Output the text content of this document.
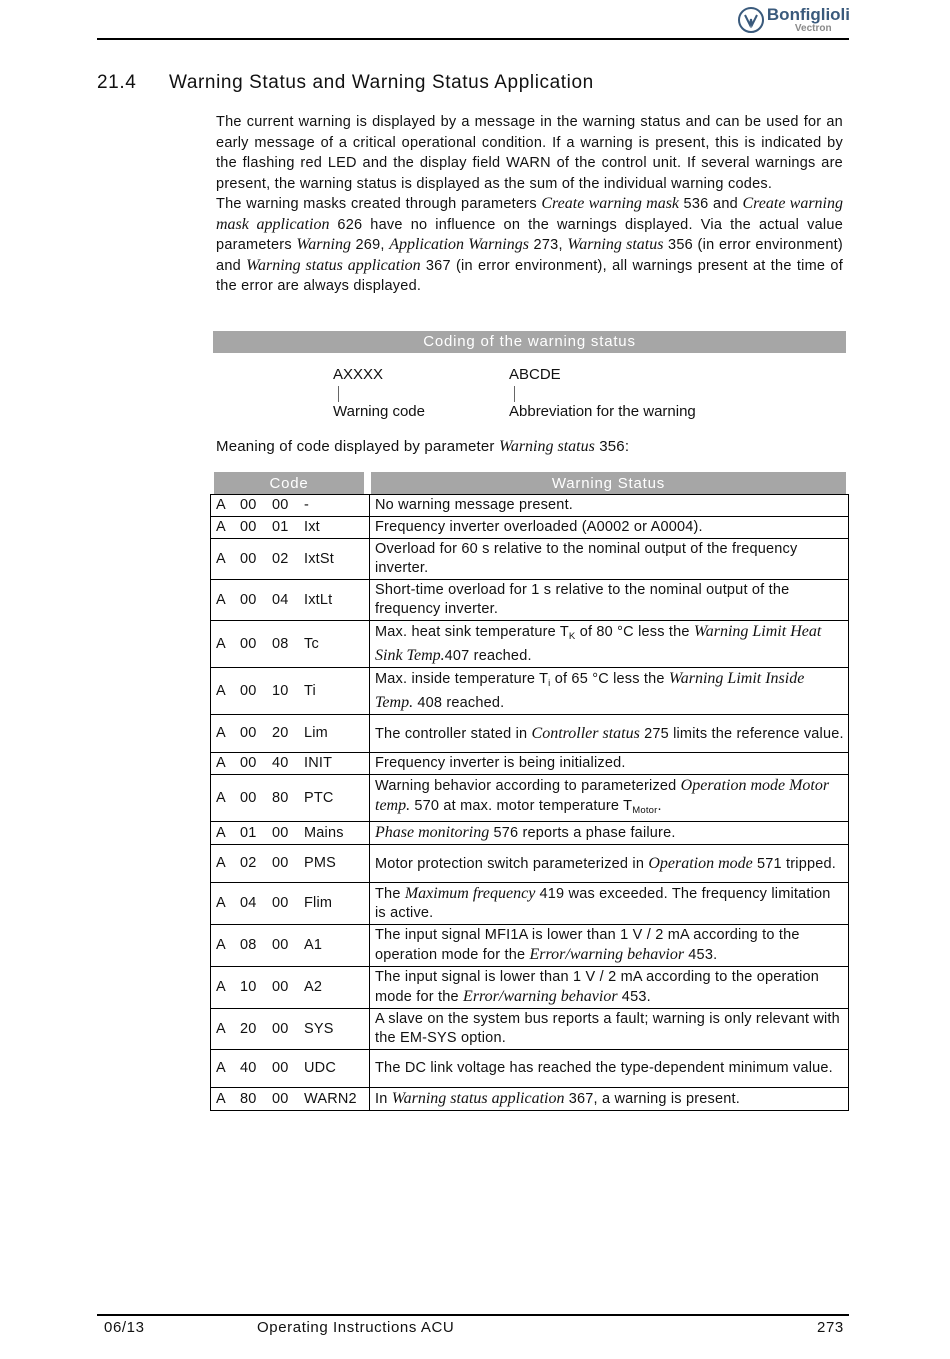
Bonfiglioli
Vectron
21.4 Warning Status and Warning Status Application

The current warning is displayed by a message in the warning status and can be used for an early message of a critical operational condition. If a warning is present, this is indicated by the flashing red LED and the display field WARN of the control unit. If several warnings are present, the warning status is displayed as the sum of the individual warning codes.

The warning masks created through parameters Create warning mask 536 and Create warning mask application 626 have no influence on the warnings displayed. Via the actual value parameters Warning 269, Application Warnings 273, Warning status 356 (in error environment) and Warning status application 367 (in error environment), all warnings present at the time of the error are always displayed.

Coding of the warning status
AXXXX
Warning code
ABCDE
Abbreviation for the warning
Meaning of code displayed by parameter Warning status 356:
Code	Warning Status
A 00 00 -	No warning message present.
A 00 01 Ixt	Frequency inverter overloaded (A0002 or A0004).
A 00 02 IxtSt	Overload for 60 s relative to the nominal output of the frequency inverter.
A 00 04 IxtLt	Short-time overload for 1 s relative to the nominal output of the frequency inverter.
A 00 08 Tc	Max. heat sink temperature $T_K$ of 80 °C less the Warning Limit Heat Sink Temp.407 reached.
A 00 10 Ti	Max. inside temperature $T_i$ of 65 °C less the Warning Limit Inside Temp. 408 reached.
A 00 20 Lim	The controller stated in Controller status 275 limits the reference value.
A 00 40 INIT	Frequency inverter is being initialized.
A 00 80 PTC	Warning behavior according to parameterized Operation mode Motor temp. 570 at max. motor temperature $T_{Motor}$.
A 01 00 Mains	Phase monitoring 576 reports a phase failure.
A 02 00 PMS	Motor protection switch parameterized in Operation mode 571 tripped.
A 04 00 Flim	The Maximum frequency 419 was exceeded. The frequency limitation is active.
A 08 00 A1	The input signal MFI1A is lower than 1 V / 2 mA according to the operation mode for the Error/warning behavior 453.
A 10 00 A2	The input signal is lower than 1 V / 2 mA according to the operation mode for the Error/warning behavior 453.
A 20 00 SYS	A slave on the system bus reports a fault; warning is only relevant with the EM-SYS option.
A 40 00 UDC	The DC link voltage has reached the type-dependent minimum value.
A 80 00 WARN2	In Warning status application 367, a warning is present.
06/13	Operating Instructions ACU	273
